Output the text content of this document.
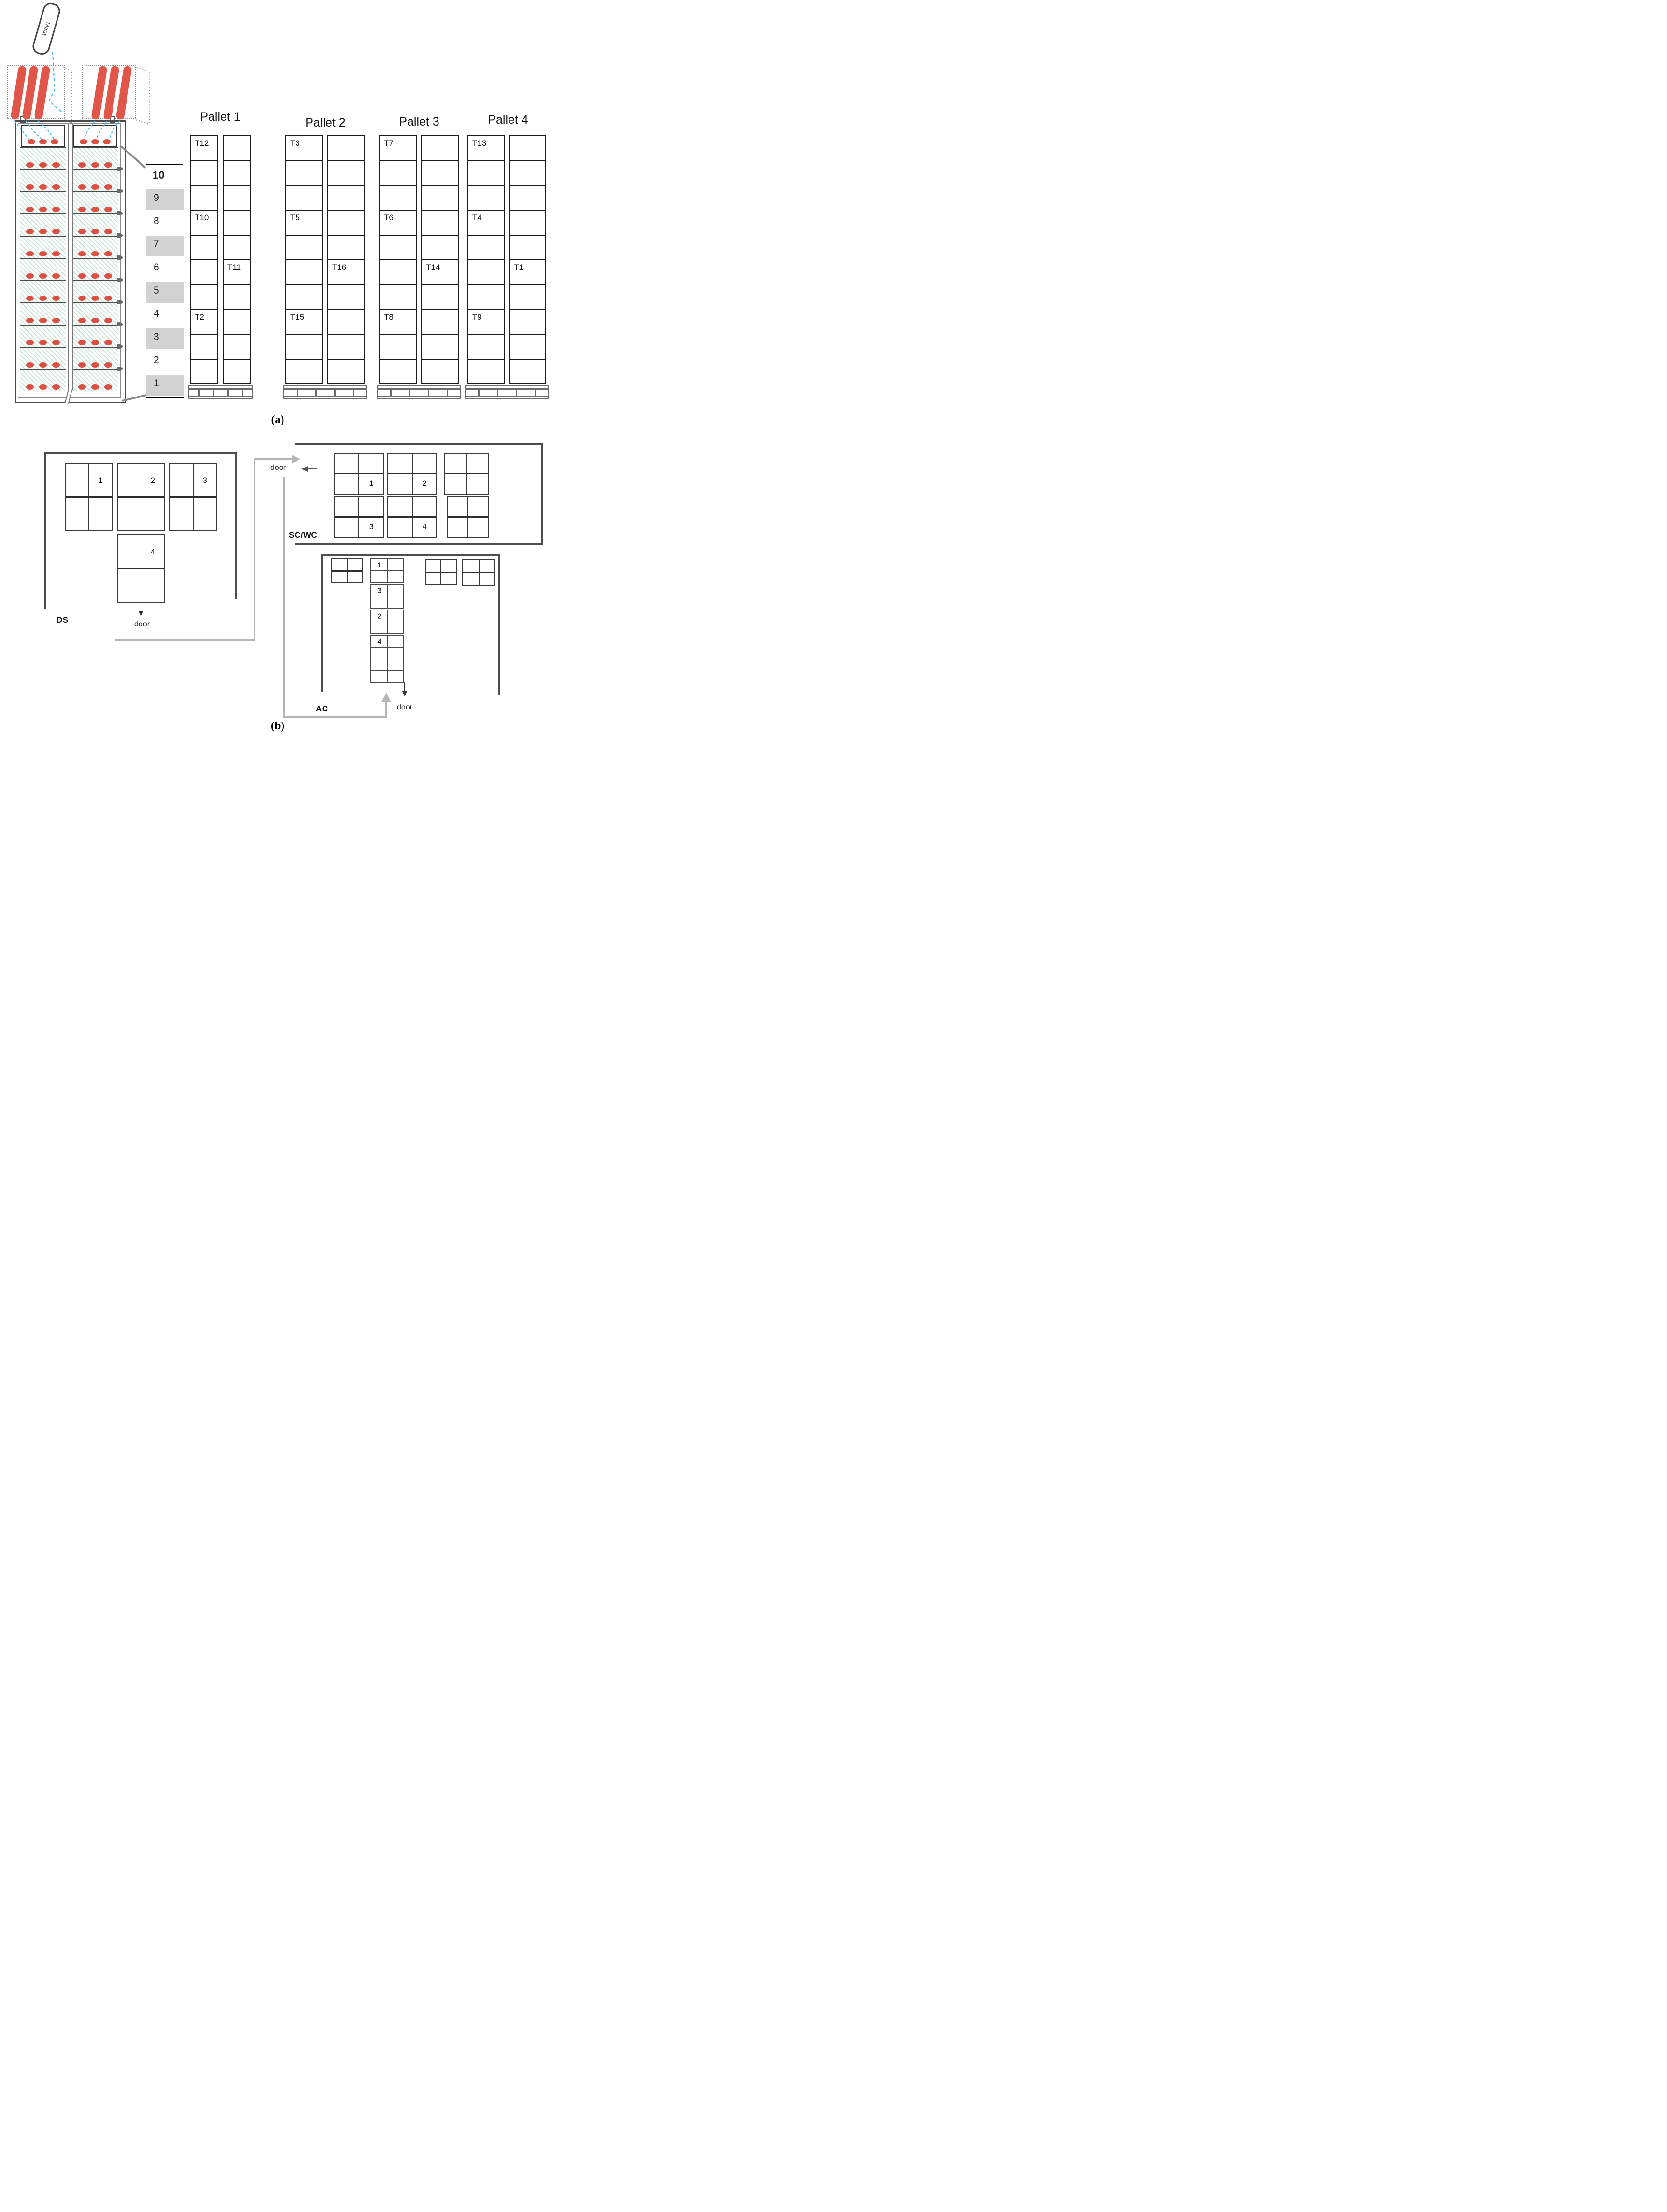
Meat
10
9
8
7
6
5
4
3
2
1
Pallet 1	Pallet 2	Pallet 3	Pallet 4
T12
T10
T2
T11
T3
T5
T15
T16
T7
T6
T8
T14
T13
T4
T9
T1
(a)
1	2	3
4
DS	door
1	2
3	4
SC/WC
door
1
3
2
4
AC	door
(b)
